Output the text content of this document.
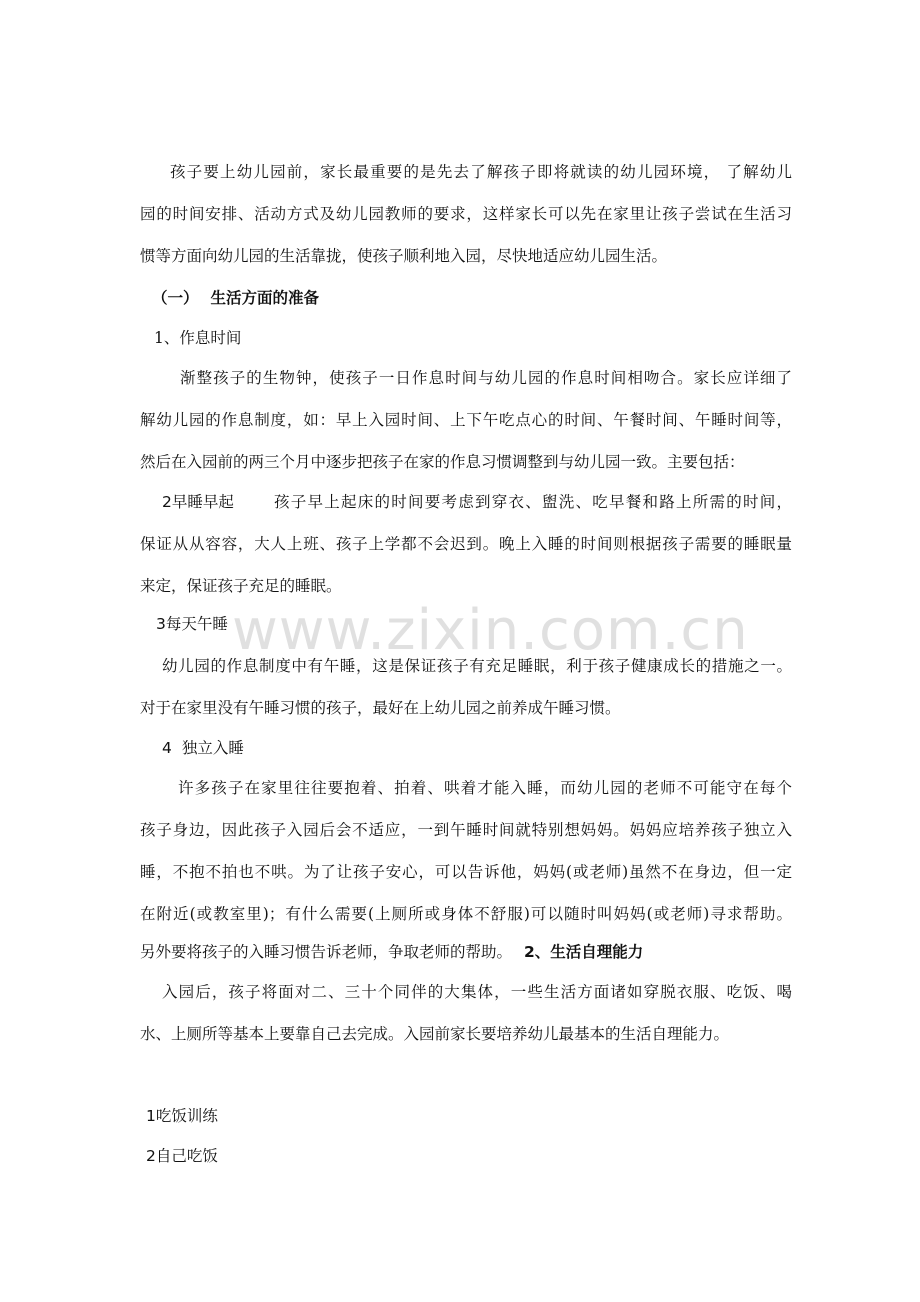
www.zixin.com.cn
孩子要上幼儿园前，家长最重要的是先去了解孩子即将就读的幼儿园环境， 了解幼儿
园的时间安排、活动方式及幼儿园教师的要求，这样家长可以先在家里让孩子尝试在生活习
惯等方面向幼儿园的生活靠拢，使孩子顺利地入园，尽快地适应幼儿园生活。
（一） 生活方面的准备
1、作息时间
渐整孩子的生物钟，使孩子一日作息时间与幼儿园的作息时间相吻合。家长应详细了
解幼儿园的作息制度，如：早上入园时间、上下午吃点心的时间、午餐时间、午睡时间等，
然后在入园前的两三个月中逐步把孩子在家的作息习惯调整到与幼儿园一致。主要包括：
2早睡早起	孩子早上起床的时间要考虑到穿衣、盥洗、吃早餐和路上所需的时间，
保证从从容容，大人上班、孩子上学都不会迟到。晚上入睡的时间则根据孩子需要的睡眠量
来定，保证孩子充足的睡眠。
3每天午睡
幼儿园的作息制度中有午睡，这是保证孩子有充足睡眠，利于孩子健康成长的措施之一。
对于在家里没有午睡习惯的孩子，最好在上幼儿园之前养成午睡习惯。
4 独立入睡
许多孩子在家里往往要抱着、拍着、哄着才能入睡，而幼儿园的老师不可能守在每个
孩子身边，因此孩子入园后会不适应，一到午睡时间就特别想妈妈。妈妈应培养孩子独立入
睡，不抱不拍也不哄。为了让孩子安心，可以告诉他，妈妈(或老师)虽然不在身边，但一定
在附近(或教室里)；有什么需要(上厕所或身体不舒服)可以随时叫妈妈(或老师)寻求帮助。
另外要将孩子的入睡习惯告诉老师，争取老师的帮助。 2、生活自理能力
入园后，孩子将面对二、三十个同伴的大集体，一些生活方面诸如穿脱衣服、吃饭、喝
水、上厕所等基本上要靠自己去完成。入园前家长要培养幼儿最基本的生活自理能力。
1吃饭训练
2自己吃饭
